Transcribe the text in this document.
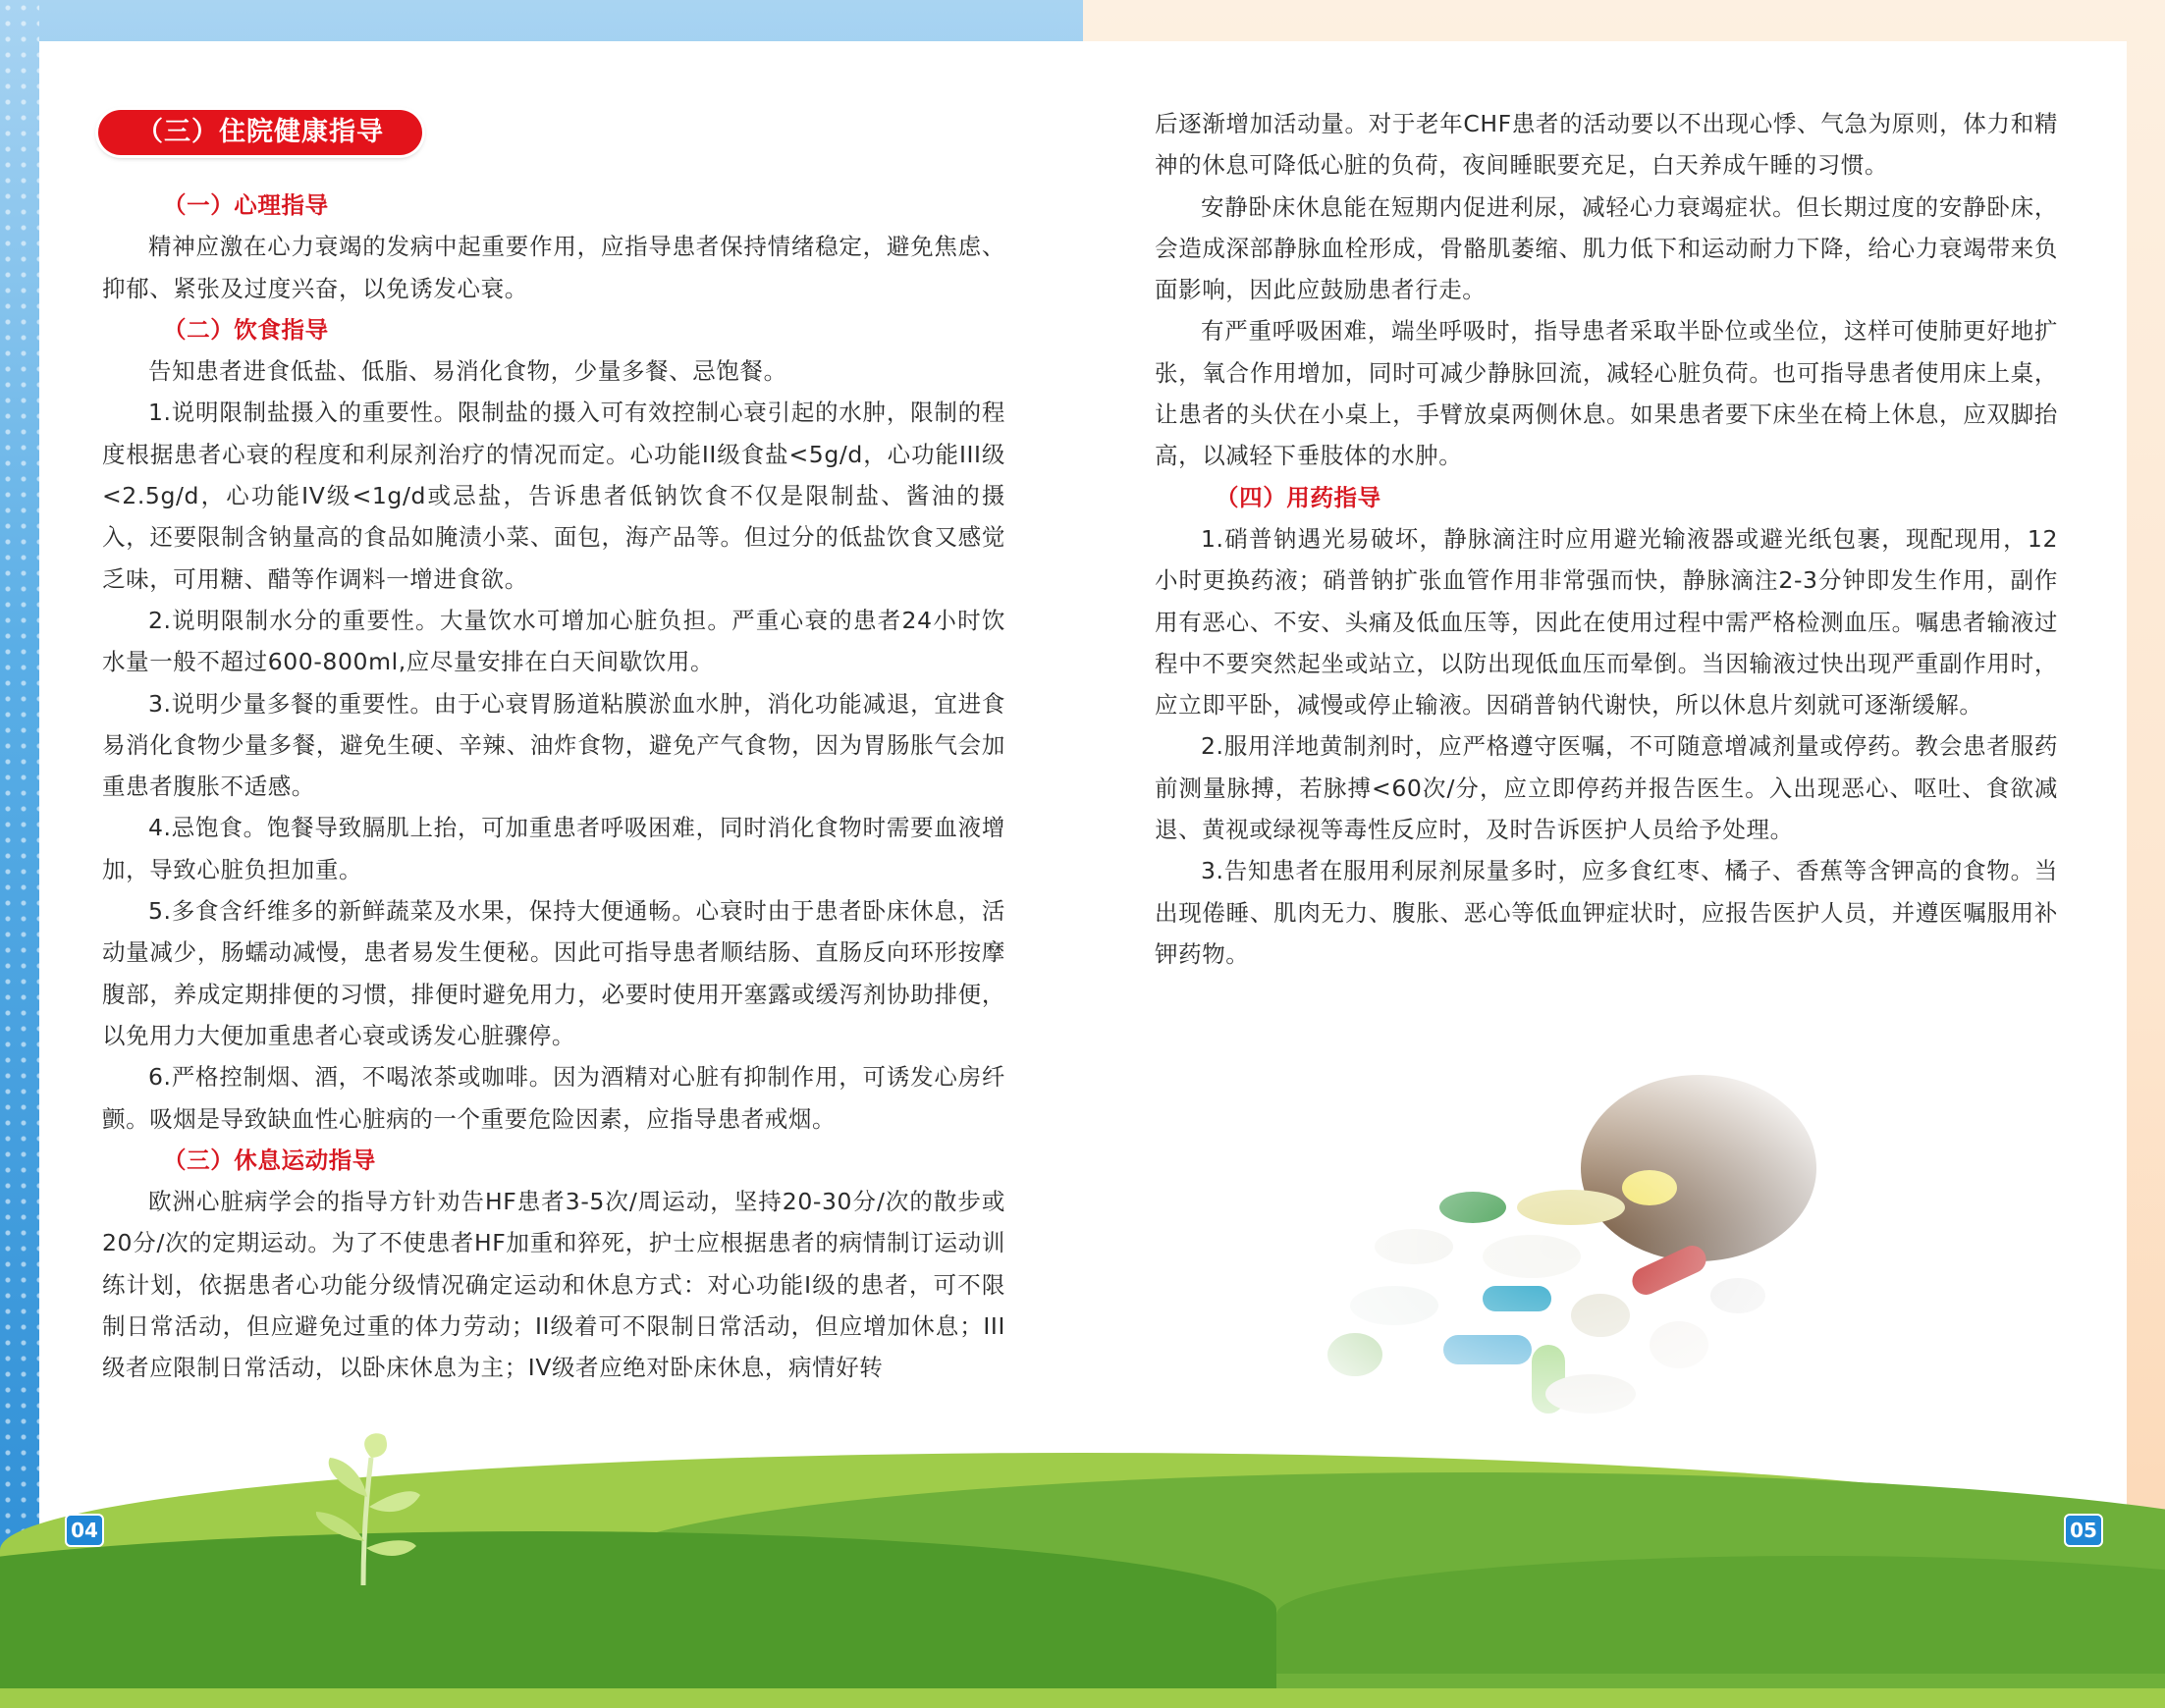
（三）住院健康指导
（一）心理指导

精神应激在心力衰竭的发病中起重要作用，应指导患者保持情绪稳定，避免焦虑、抑郁、紧张及过度兴奋，以免诱发心衰。

（二）饮食指导

告知患者进食低盐、低脂、易消化食物，少量多餐、忌饱餐。

1.说明限制盐摄入的重要性。限制盐的摄入可有效控制心衰引起的水肿，限制的程度根据患者心衰的程度和利尿剂治疗的情况而定。心功能II级食盐<5g/d，心功能III级<2.5g/d，心功能IV级<1g/d或忌盐，告诉患者低钠饮食不仅是限制盐、酱油的摄入，还要限制含钠量高的食品如腌渍小菜、面包，海产品等。但过分的低盐饮食又感觉乏味，可用糖、醋等作调料一增进食欲。

2.说明限制水分的重要性。大量饮水可增加心脏负担。严重心衰的患者24小时饮水量一般不超过600-800ml,应尽量安排在白天间歇饮用。

3.说明少量多餐的重要性。由于心衰胃肠道粘膜淤血水肿，消化功能减退，宜进食易消化食物少量多餐，避免生硬、辛辣、油炸食物，避免产气食物，因为胃肠胀气会加重患者腹胀不适感。

4.忌饱食。饱餐导致膈肌上抬，可加重患者呼吸困难，同时消化食物时需要血液增加，导致心脏负担加重。

5.多食含纤维多的新鲜蔬菜及水果，保持大便通畅。心衰时由于患者卧床休息，活动量减少，肠蠕动减慢，患者易发生便秘。因此可指导患者顺结肠、直肠反向环形按摩腹部，养成定期排便的习惯，排便时避免用力，必要时使用开塞露或缓泻剂协助排便，以免用力大便加重患者心衰或诱发心脏骤停。

6.严格控制烟、酒，不喝浓茶或咖啡。因为酒精对心脏有抑制作用，可诱发心房纤颤。吸烟是导致缺血性心脏病的一个重要危险因素，应指导患者戒烟。

（三）休息运动指导

欧洲心脏病学会的指导方针劝告HF患者3-5次/周运动，坚持20-30分/次的散步或20分/次的定期运动。为了不使患者HF加重和猝死，护士应根据患者的病情制订运动训练计划，依据患者心功能分级情况确定运动和休息方式：对心功能I级的患者，可不限制日常活动，但应避免过重的体力劳动；II级着可不限制日常活动，但应增加休息；III级者应限制日常活动，以卧床休息为主；IV级者应绝对卧床休息，病情好转

后逐渐增加活动量。对于老年CHF患者的活动要以不出现心悸、气急为原则，体力和精神的休息可降低心脏的负荷，夜间睡眠要充足，白天养成午睡的习惯。

安静卧床休息能在短期内促进利尿，减轻心力衰竭症状。但长期过度的安静卧床，会造成深部静脉血栓形成，骨骼肌萎缩、肌力低下和运动耐力下降，给心力衰竭带来负面影响，因此应鼓励患者行走。

有严重呼吸困难，端坐呼吸时，指导患者采取半卧位或坐位，这样可使肺更好地扩张，氧合作用增加，同时可减少静脉回流，减轻心脏负荷。也可指导患者使用床上桌，让患者的头伏在小桌上，手臂放桌两侧休息。如果患者要下床坐在椅上休息，应双脚抬高，以减轻下垂肢体的水肿。

（四）用药指导

1.硝普钠遇光易破坏，静脉滴注时应用避光输液器或避光纸包裹，现配现用，12小时更换药液；硝普钠扩张血管作用非常强而快，静脉滴注2-3分钟即发生作用，副作用有恶心、不安、头痛及低血压等，因此在使用过程中需严格检测血压。嘱患者输液过程中不要突然起坐或站立，以防出现低血压而晕倒。当因输液过快出现严重副作用时，应立即平卧，减慢或停止输液。因硝普钠代谢快，所以休息片刻就可逐渐缓解。

2.服用洋地黄制剂时，应严格遵守医嘱，不可随意增减剂量或停药。教会患者服药前测量脉搏，若脉搏<60次/分，应立即停药并报告医生。入出现恶心、呕吐、食欲减退、黄视或绿视等毒性反应时，及时告诉医护人员给予处理。

3.告知患者在服用利尿剂尿量多时，应多食红枣、橘子、香蕉等含钾高的食物。当出现倦睡、肌肉无力、腹胀、恶心等低血钾症状时，应报告医护人员，并遵医嘱服用补钾药物。

04	05
